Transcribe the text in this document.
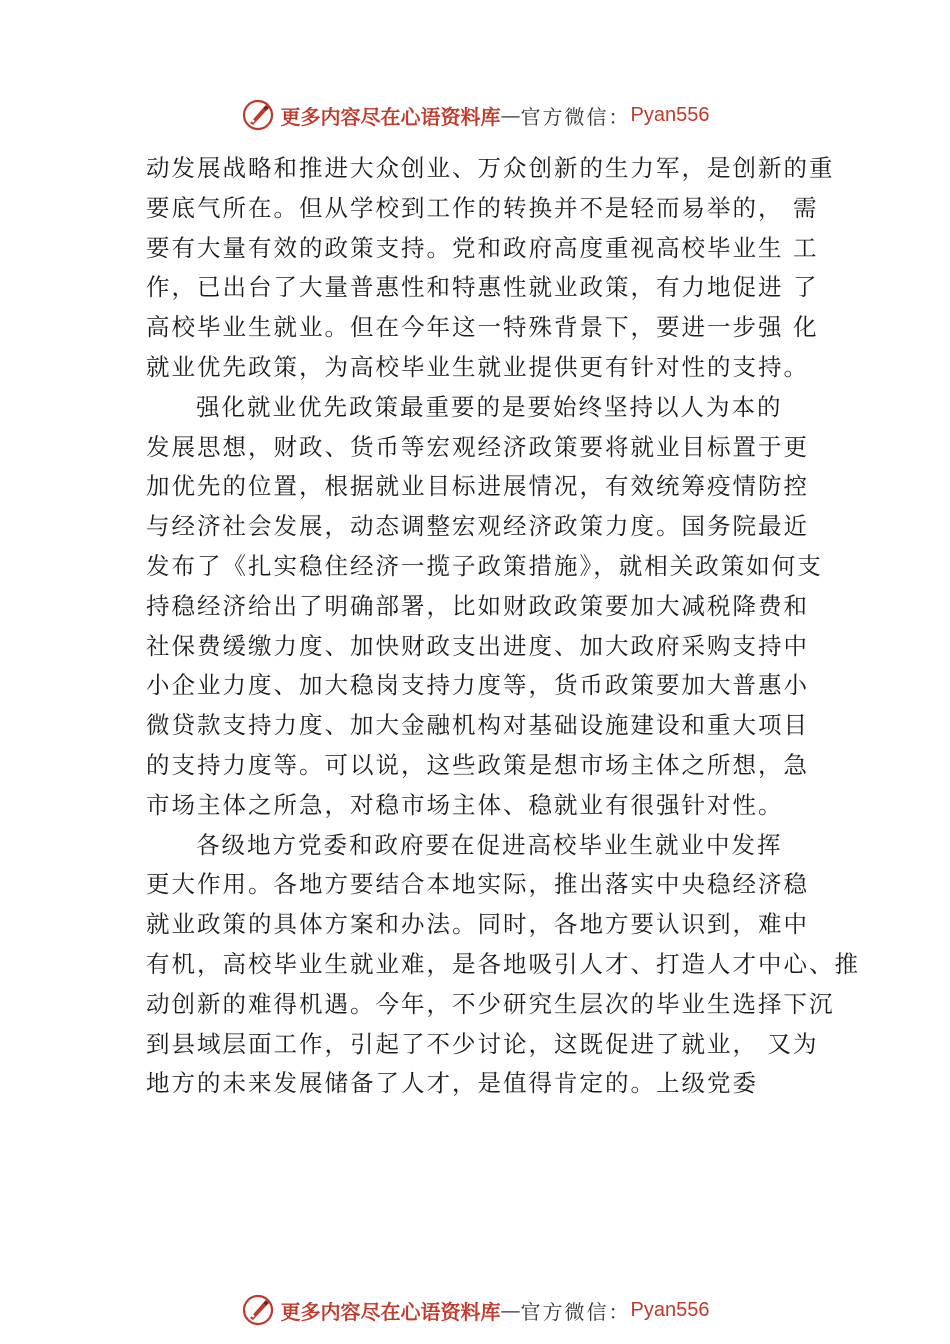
更多内容尽在心语资料库 — 官方微信： Pyan556
动发展战略和推进大众创业、万众创新的生力军，是创新的重
要底气所在。但从学校到工作的转换并不是轻而易举的， 需
要有大量有效的政策支持。党和政府高度重视高校毕业生 工
作，已出台了大量普惠性和特惠性就业政策，有力地促进 了
高校毕业生就业。但在今年这一特殊背景下，要进一步强 化
就业优先政策，为高校毕业生就业提供更有针对性的支持。
强化就业优先政策最重要的是要始终坚持以人为本的
发展思想，财政、货币等宏观经济政策要将就业目标置于更
加优先的位置，根据就业目标进展情况，有效统筹疫情防控
与经济社会发展，动态调整宏观经济政策力度。国务院最近
发布了《扎实稳住经济一揽子政策措施》，就相关政策如何支
持稳经济给出了明确部署，比如财政政策要加大减税降费和
社保费缓缴力度、加快财政支出进度、加大政府采购支持中
小企业力度、加大稳岗支持力度等，货币政策要加大普惠小
微贷款支持力度、加大金融机构对基础设施建设和重大项目
的支持力度等。可以说，这些政策是想市场主体之所想，急
市场主体之所急，对稳市场主体、稳就业有很强针对性。
各级地方党委和政府要在促进高校毕业生就业中发挥
更大作用。各地方要结合本地实际，推出落实中央稳经济稳
就业政策的具体方案和办法。同时，各地方要认识到，难中
有机，高校毕业生就业难，是各地吸引人才、打造人才中心、推
动创新的难得机遇。今年，不少研究生层次的毕业生选择下沉
到县域层面工作，引起了不少讨论，这既促进了就业， 又为
地方的未来发展储备了人才，是值得肯定的。上级党委
更多内容尽在心语资料库 — 官方微信： Pyan556
